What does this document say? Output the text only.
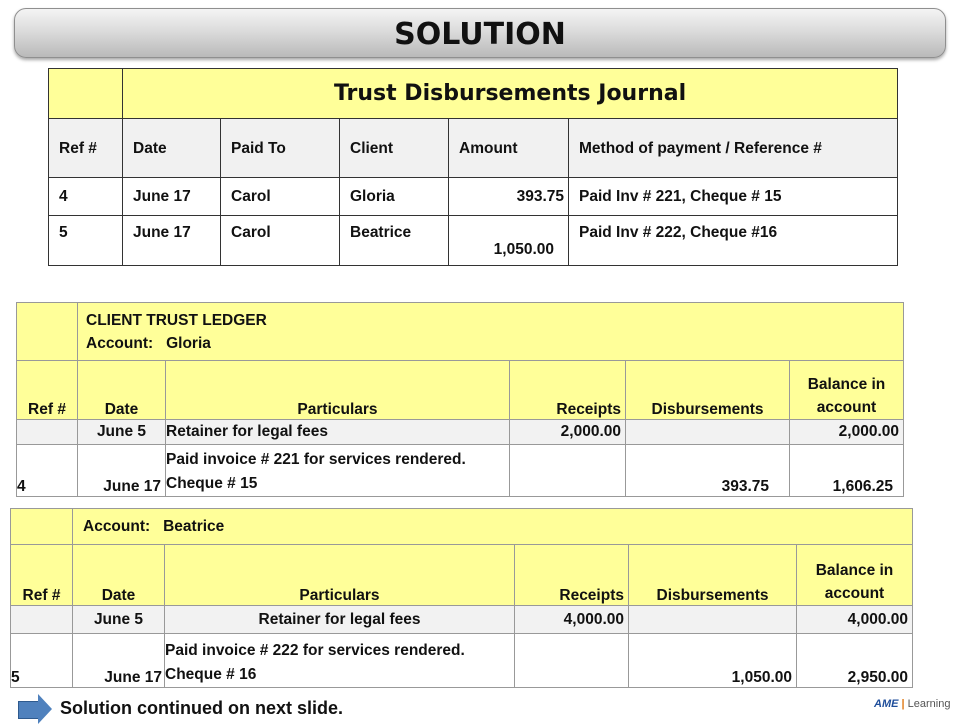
SOLUTION
	Trust Disbursements Journal				
Ref #	Date	Paid To	Client	Amount	Method of payment / Reference #
4	June 17	Carol	Gloria	393.75	Paid Inv # 221, Cheque # 15
5	June 17	Carol	Beatrice	1,050.00	Paid Inv # 222, Cheque #16

	CLIENT TRUST LEDGER
Account: Gloria				

Ref #	Date	Particulars	Receipts	Disbursements	Balance in account
	June 5	Retainer for legal fees	2,000.00		2,000.00
4	June 17	Paid invoice # 221 for services rendered. Cheque # 15		393.75	1,606.25
	Account: Beatrice				
Ref #	Date	Particulars	Receipts	Disbursements	Balance in account
	June 5	Retainer for legal fees	4,000.00		4,000.00
5	June 17	Paid invoice # 222 for services rendered. Cheque # 16		1,050.00	2,950.00
Solution continued on next slide.	AME | Learning
